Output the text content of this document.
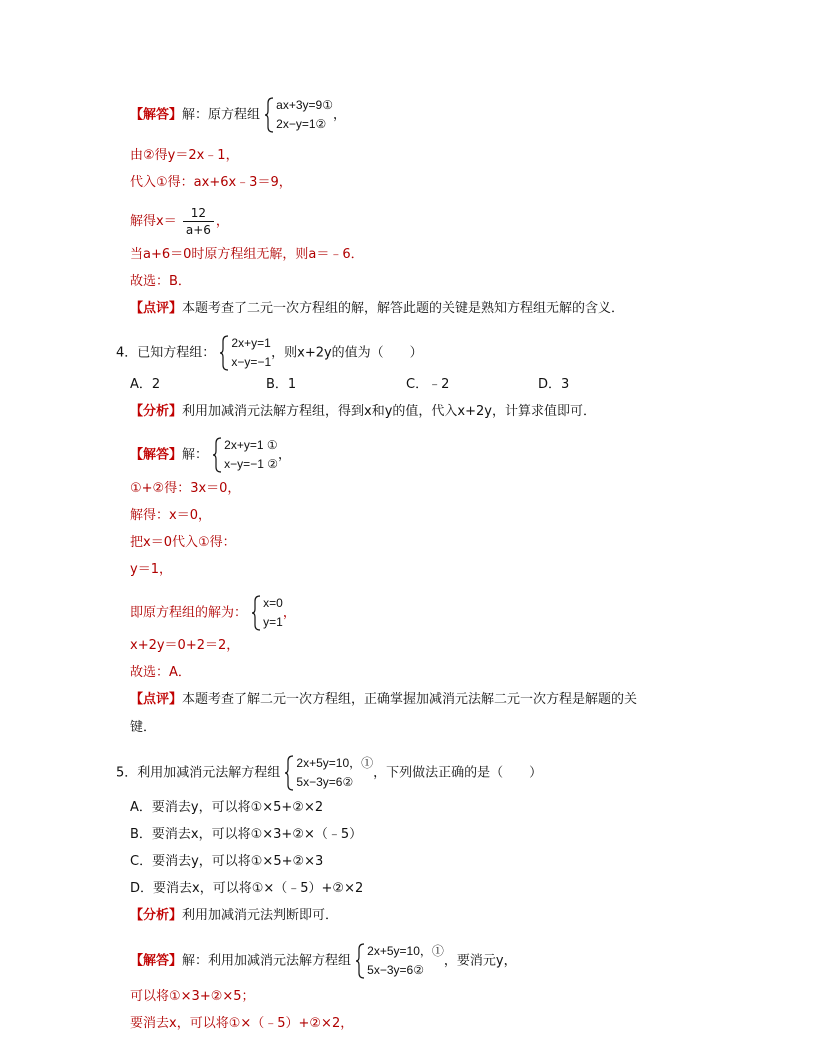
【解答】解：原方程组
ax+3y=9①
2x−y=1②
，
由②得y＝2x﹣1，
代入①得：ax+6x﹣3＝9，
解得$x= \frac{12}{a+6}$ ，
当a+6＝0时原方程组无解，则a＝﹣6．
故选：B．
【点评】本题考查了二元一次方程组的解，解答此题的关键是熟知方程组无解的含义．
4．已知方程组：
2x+y=1
x−y=−1
，则x+2y的值为（　　）
A．2	B．1	C．﹣2	D．3
【分析】利用加减消元法解方程组，得到x和y的值，代入x+2y，计算求值即可．
【解答】解：
2x+y=1 ①
x−y=−1 ②
，
①+②得：3x＝0，
解得：x＝0，
把x＝0代入①得：
y＝1，
即原方程组的解为：
x=0
y=1
，
x+2y＝0+2＝2，
故选：A．
【点评】本题考查了解二元一次方程组，正确掌握加减消元法解二元一次方程是解题的关
键．
5．利用加减消元法解方程组
2x+5y=10，①
5x−3y=6②
，下列做法正确的是（　　）
A．要消去y，可以将①×5+②×2
B．要消去x，可以将①×3+②×（﹣5）
C．要消去y，可以将①×5+②×3
D．要消去x，可以将①×（﹣5）+②×2
【分析】利用加减消元法判断即可．
【解答】解：利用加减消元法解方程组
2x+5y=10，①
5x−3y=6②
，要消元y，
可以将①×3+②×5；
要消去x，可以将①×（﹣5）+②×2，
